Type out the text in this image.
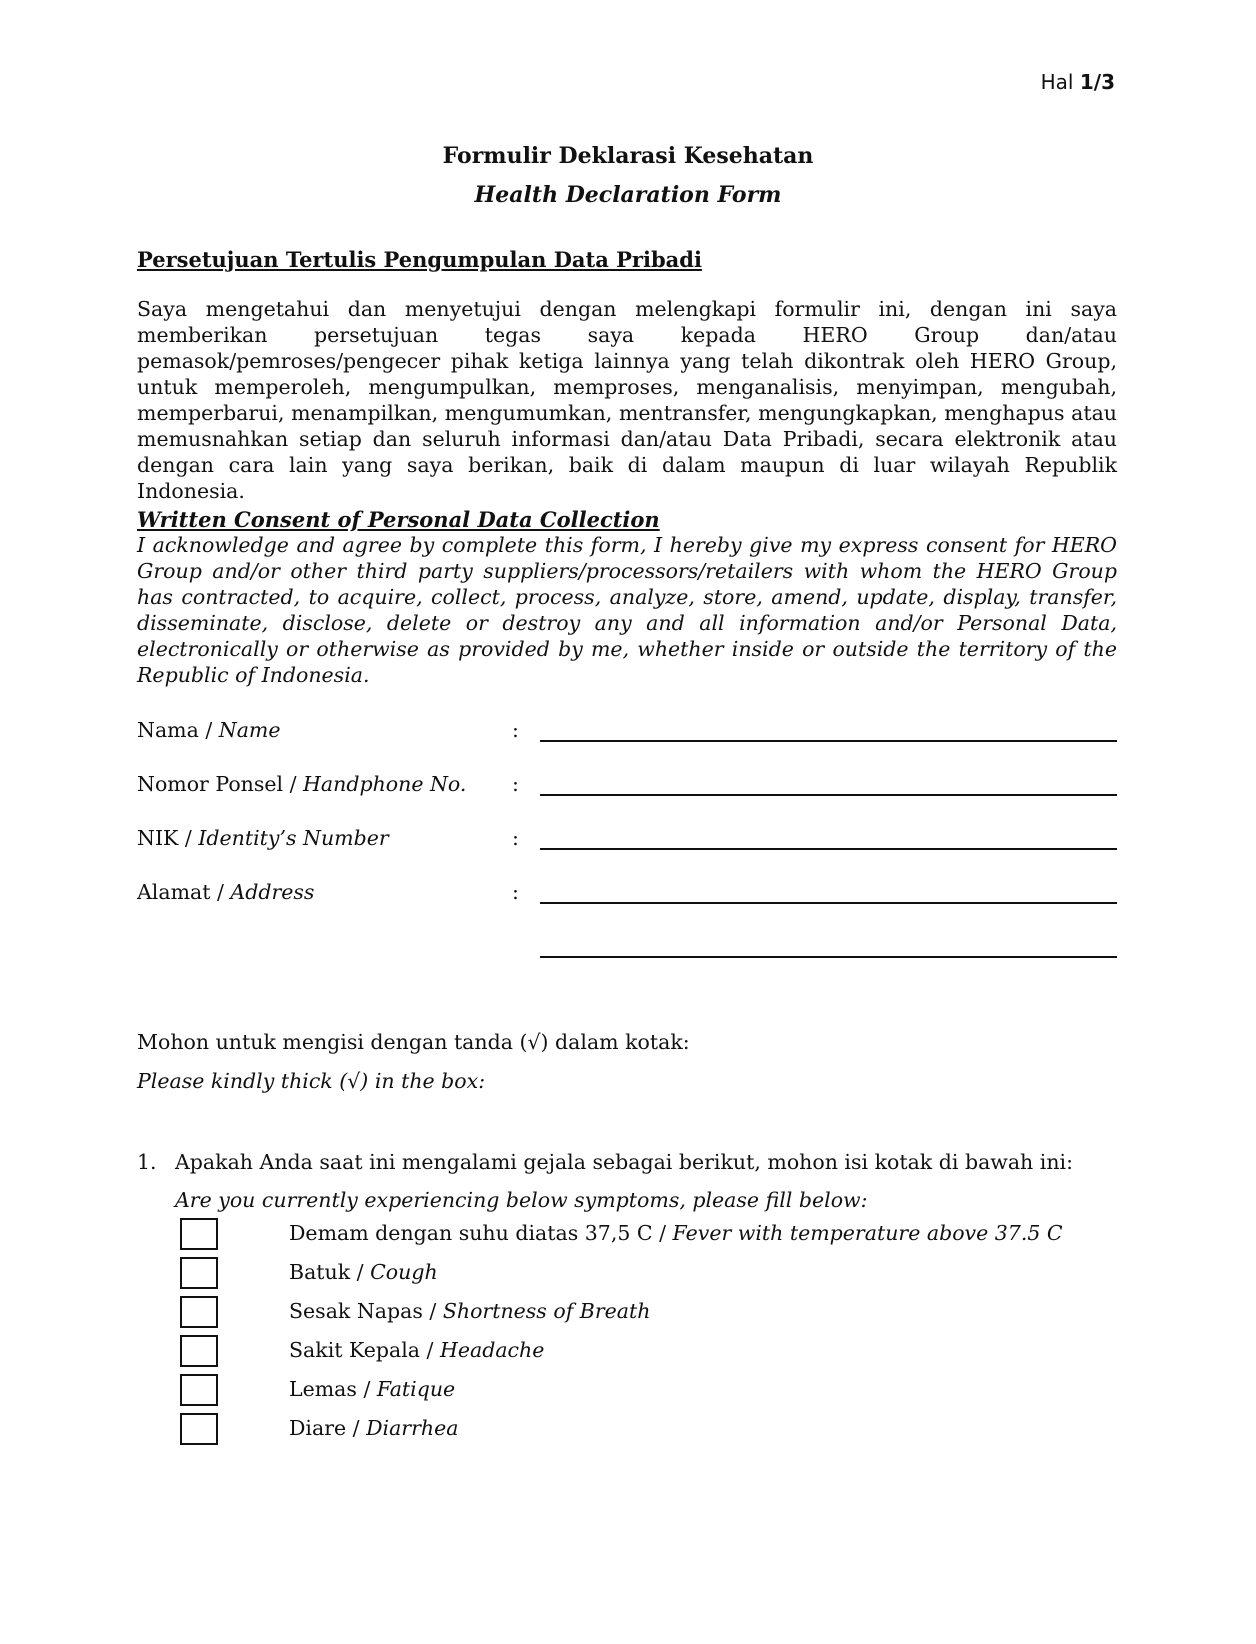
Hal 1/3
Formulir Deklarasi Kesehatan
Health Declaration Form
Persetujuan Tertulis Pengumpulan Data Pribadi
Saya mengetahui dan menyetujui dengan melengkapi formulir ini, dengan ini saya memberikan persetujuan tegas saya kepada HERO Group dan/atau pemasok/pemroses/pengecer pihak ketiga lainnya yang telah dikontrak oleh HERO Group, untuk memperoleh, mengumpulkan, memproses, menganalisis, menyimpan, mengubah, memperbarui, menampilkan, mengumumkan, mentransfer, mengungkapkan, menghapus atau memusnahkan setiap dan seluruh informasi dan/atau Data Pribadi, secara elektronik atau dengan cara lain yang saya berikan, baik di dalam maupun di luar wilayah Republik Indonesia.
Written Consent of Personal Data Collection
I acknowledge and agree by complete this form, I hereby give my express consent for HERO Group and/or other third party suppliers/processors/retailers with whom the HERO Group has contracted, to acquire, collect, process, analyze, store, amend, update, display, transfer, disseminate, disclose, delete or destroy any and all information and/or Personal Data, electronically or otherwise as provided by me, whether inside or outside the territory of the Republic of Indonesia.
Nama / Name	:
Nomor Ponsel / Handphone No. :
NIK / Identity’s Number	:
Alamat / Address	:
Mohon untuk mengisi dengan tanda (√) dalam kotak:
Please kindly thick (√) in the box:
1. Apakah Anda saat ini mengalami gejala sebagai berikut, mohon isi kotak di bawah ini:
Are you currently experiencing below symptoms, please fill below:
Demam dengan suhu diatas 37,5 C / Fever with temperature above 37.5 C
Batuk / Cough
Sesak Napas / Shortness of Breath
Sakit Kepala / Headache
Lemas / Fatique
Diare / Diarrhea
